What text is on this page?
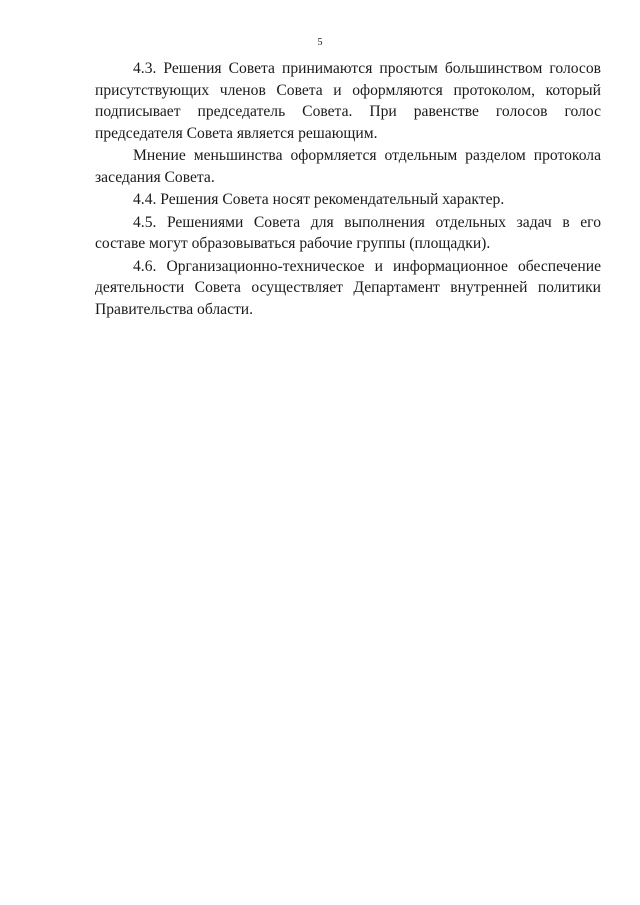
5

4.3. Решения Совета принимаются простым большинством голосов присутствующих членов Совета и оформляются протоколом, который подписывает председатель Совета. При равенстве голосов голос председателя Совета является решающим.

Мнение меньшинства оформляется отдельным разделом протокола заседания Совета.

4.4. Решения Совета носят рекомендательный характер.

4.5. Решениями Совета для выполнения отдельных задач в его составе могут образовываться рабочие группы (площадки).

4.6. Организационно-техническое и информационное обеспечение деятельности Совета осуществляет Департамент внутренней политики Правительства области.
